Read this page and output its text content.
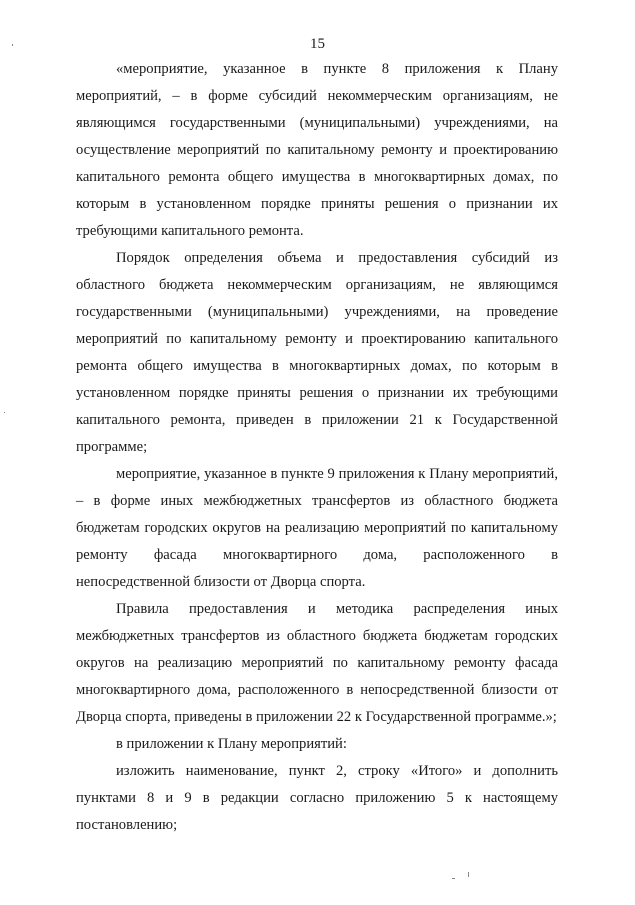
15

«мероприятие, указанное в пункте 8 приложения к Плану мероприятий, – в форме субсидий некоммерческим организациям, не являющимся государственными (муниципальными) учреждениями, на осуществление мероприятий по капитальному ремонту и проектированию капитального ремонта общего имущества в многоквартирных домах, по которым в установленном порядке приняты решения о признании их требующими капитального ремонта.

Порядок определения объема и предоставления субсидий из областного бюджета некоммерческим организациям, не являющимся государственными (муниципальными) учреждениями, на проведение мероприятий по капитальному ремонту и проектированию капитального ремонта общего имущества в многоквартирных домах, по которым в установленном порядке приняты решения о признании их требующими капитального ремонта, приведен в приложении 21 к Государственной программе;

мероприятие, указанное в пункте 9 приложения к Плану мероприятий, – в форме иных межбюджетных трансфертов из областного бюджета бюджетам городских округов на реализацию мероприятий по капитальному ремонту фасада многоквартирного дома, расположенного в непосредственной близости от Дворца спорта.

Правила предоставления и методика распределения иных межбюджетных трансфертов из областного бюджета бюджетам городских округов на реализацию мероприятий по капитальному ремонту фасада многоквартирного дома, расположенного в непосредственной близости от Дворца спорта, приведены в приложении 22 к Государственной программе.»;

в приложении к Плану мероприятий:

изложить наименование, пункт 2, строку «Итого» и дополнить пунктами 8 и 9 в редакции согласно приложению 5 к настоящему постановлению;
